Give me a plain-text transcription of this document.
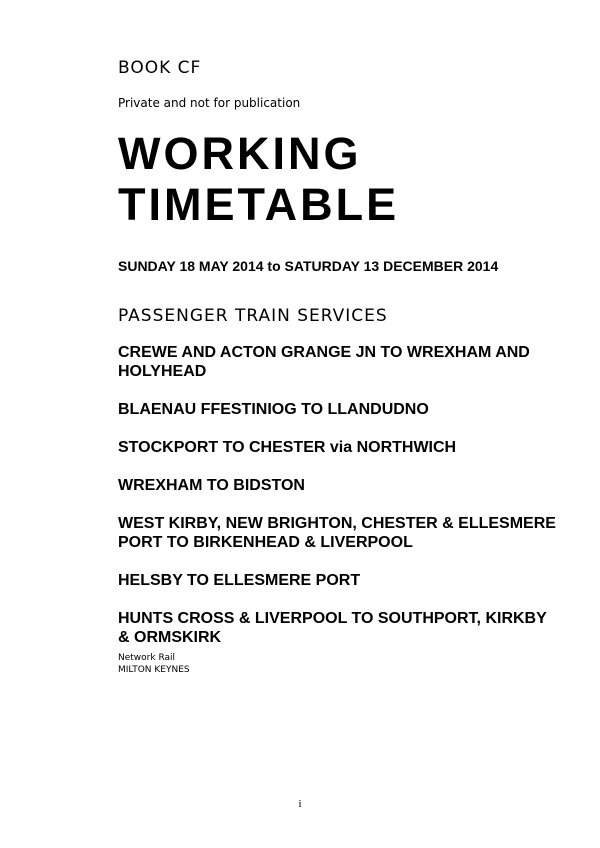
BOOK CF
Private and not for publication
WORKING
TIMETABLE
SUNDAY 18 MAY 2014 to SATURDAY 13 DECEMBER 2014
PASSENGER TRAIN SERVICES
CREWE AND ACTON GRANGE JN TO WREXHAM AND HOLYHEAD
BLAENAU FFESTINIOG TO LLANDUDNO
STOCKPORT TO CHESTER via NORTHWICH
WREXHAM TO BIDSTON
WEST KIRBY, NEW BRIGHTON, CHESTER & ELLESMERE PORT TO BIRKENHEAD & LIVERPOOL
HELSBY TO ELLESMERE PORT
HUNTS CROSS & LIVERPOOL TO SOUTHPORT, KIRKBY & ORMSKIRK
Network Rail
MILTON KEYNES
i
